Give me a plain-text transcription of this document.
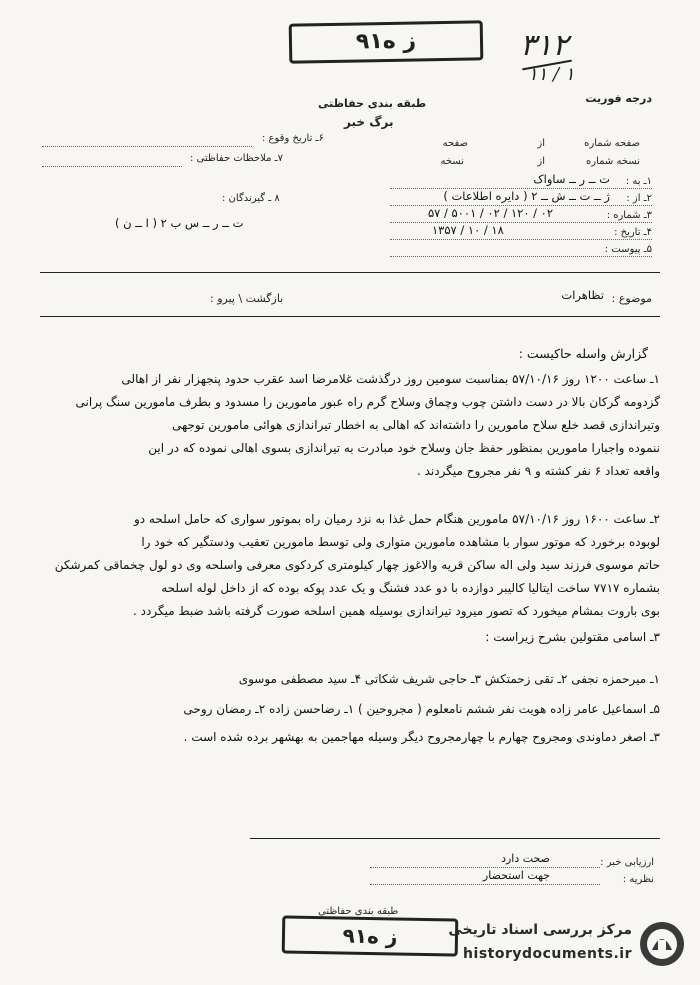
۹۱ز ه	۳۱۲
۱۱ / ۱
درجه فوریت
طبقه بندی حفاظتی
برگ خبر
صفحه شماره
از
صفحه
نسخه شماره
از
نسخه
۱ـ به :
ت ــ ر ــ ساواک
۲ـ از :
ژ ــ ت ــ ش ــ ۲ ( دایره اطلاعات )
۳ـ شماره :
۵۷ / ۵۰۰۱ / ۰۲ / ۱۲۰ / ۰۲
۴ـ تاریخ :
۱۳۵۷ / ۱۰ / ۱۸
۵ـ پیوست :
۶ـ تاریخ وقوع :
۷ـ ملاحظات حفاظتی :
۸ ـ گیرندگان :
ت ــ ر ــ س ب ۲ ( ا ــ ن )
موضوع :
تظاهرات
بازگشت \ پیرو :
گزارش واسله حاکیست :
۱ـ ساعت ۱۲۰۰ روز ۵۷/۱۰/۱۶ بمناسبت سومین روز درگذشت غلامرضا اسد عقرب حدود پنجهزار نفر از اهالی
گزدومه گرکان بالا در دست داشتن چوب وچماق وسلاح گرم راه عبور مامورین را مسدود و بطرف مامورین سنگ پرانی
وتیراندازی قصد خلع سلاح مامورین را داشته‌اند که اهالی به اخطار تیراندازی هوائی مامورین توجهی
ننموده واجبارا مامورین بمنظور حفظ جان وسلاح خود مبادرت به تیراندازی بسوی اهالی نموده که در این
واقعه تعداد ۶ نفر کشته و ۹ نفر مجروح میگردند .
۲ـ ساعت ۱۶۰۰ روز ۵۷/۱۰/۱۶ مامورین هنگام حمل غذا به نزد رمیان راه بموتور سواری که حامل اسلحه دو
لوبوده برخورد که موتور سوار با مشاهده مامورین متواری ولی توسط مامورین تعقیب ودستگیر که خود را
حاتم موسوی فرزند سید ولی اله ساکن قریه والاغوز چهار کیلومتری کردکوی معرفی واسلحه وی دو لول چخماقی کمرشکن
بشماره ۷۷۱۷ ساخت ایتالیا کالیبر دوازده با دو عدد فشنگ و یک عدد پوکه بوده که از داخل لوله اسلحه
بوی باروت بمشام میخورد که تصور میرود تیراندازی بوسیله همین اسلحه صورت گرفته باشد ضبط میگردد .
۳ـ اسامی مقتولین بشرح زیراست :
۱ـ میرحمزه نجفی ۲ـ تقی زحمتکش ۳ـ حاجی شریف شکاتی ۴ـ سید مصطفی موسوی
۵ـ اسماعیل عامر زاده هویت نفر ششم نامعلوم ( مجروحین ) ۱ـ رضاحسن زاده ۲ـ رمضان روحی
۳ـ اصغر دماوندی ومجروح چهارم با چهارمجروح دیگر وسیله مهاجمین به بهشهر برده شده است .
ارزیابی خبر :
صحت دارد
نظریه :
جهت استحضار
طبقه بندی حفاظتی
۹۱ز ه	مرکز بررسی اسناد تاریخی
historydocuments.ir
